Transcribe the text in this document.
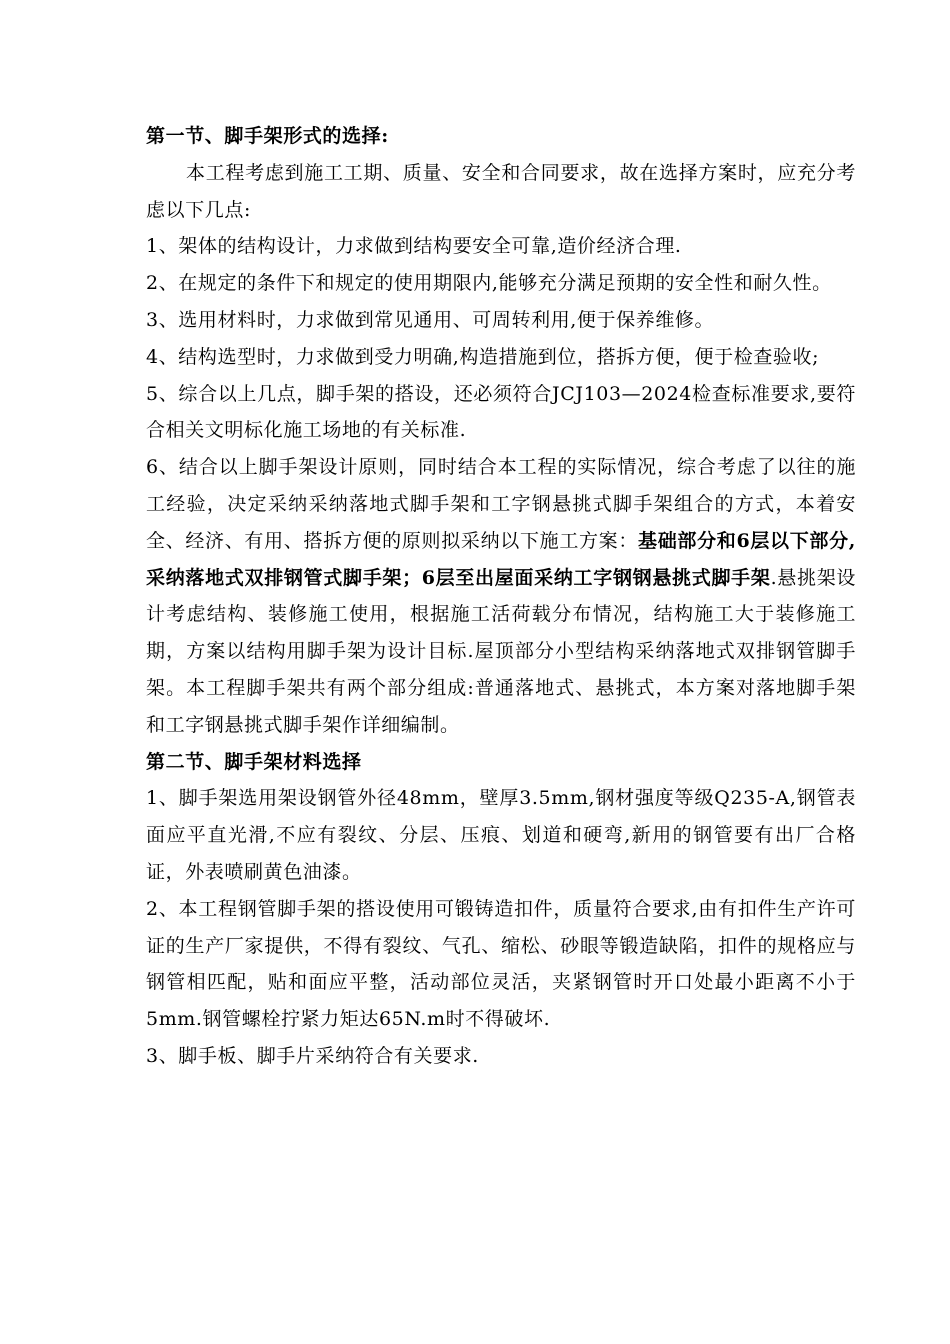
第一节、脚手架形式的选择:

本工程考虑到施工工期、质量、安全和合同要求，故在选择方案时，应充分考虑以下几点:

1、架体的结构设计，力求做到结构要安全可靠,造价经济合理.

2、在规定的条件下和规定的使用期限内,能够充分满足预期的安全性和耐久性。

3、选用材料时，力求做到常见通用、可周转利用,便于保养维修。

4、结构选型时，力求做到受力明确,构造措施到位，搭拆方便，便于检查验收;

5、综合以上几点，脚手架的搭设，还必须符合JCJ103—2024检查标准要求,要符合相关文明标化施工场地的有关标准.

6、结合以上脚手架设计原则，同时结合本工程的实际情况，综合考虑了以往的施工经验，决定采纳采纳落地式脚手架和工字钢悬挑式脚手架组合的方式，本着安全、经济、有用、搭拆方便的原则拟采纳以下施工方案：基础部分和6层以下部分,采纳落地式双排钢管式脚手架；6层至出屋面采纳工字钢钢悬挑式脚手架.悬挑架设计考虑结构、装修施工使用，根据施工活荷载分布情况，结构施工大于装修施工期，方案以结构用脚手架为设计目标.屋顶部分小型结构采纳落地式双排钢管脚手架。本工程脚手架共有两个部分组成:普通落地式、悬挑式，本方案对落地脚手架和工字钢悬挑式脚手架作详细编制。

第二节、脚手架材料选择

1、脚手架选用架设钢管外径48mm，壁厚3.5mm,钢材强度等级Q235-A,钢管表面应平直光滑,不应有裂纹、分层、压痕、划道和硬弯,新用的钢管要有出厂合格证，外表喷刷黄色油漆。

2、本工程钢管脚手架的搭设使用可锻铸造扣件，质量符合要求,由有扣件生产许可证的生产厂家提供，不得有裂纹、气孔、缩松、砂眼等锻造缺陷，扣件的规格应与钢管相匹配，贴和面应平整，活动部位灵活，夹紧钢管时开口处最小距离不小于5mm.钢管螺栓拧紧力矩达65N.m时不得破坏.

3、脚手板、脚手片采纳符合有关要求.
